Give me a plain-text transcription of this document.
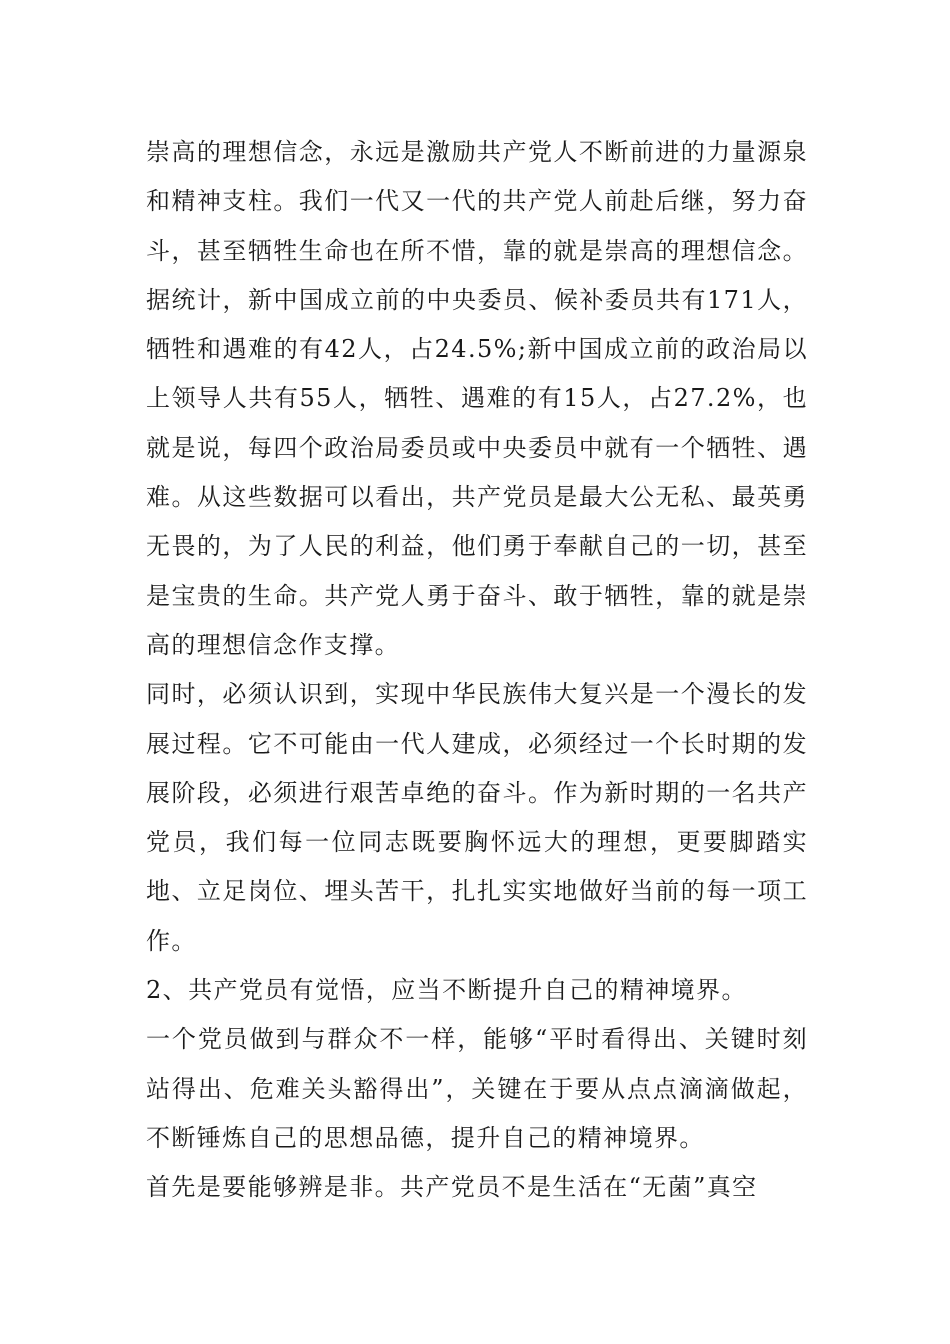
崇高的理想信念，永远是激励共产党人不断前进的力量源泉和精神支柱。我们一代又一代的共产党人前赴后继，努力奋斗，甚至牺牲生命也在所不惜，靠的就是崇高的理想信念。据统计，新中国成立前的中央委员、候补委员共有171人，牺牲和遇难的有42人，占24.5%;新中国成立前的政治局以上领导人共有55人，牺牲、遇难的有15人，占27.2%，也就是说，每四个政治局委员或中央委员中就有一个牺牲、遇难。从这些数据可以看出，共产党员是最大公无私、最英勇无畏的，为了人民的利益，他们勇于奉献自己的一切，甚至是宝贵的生命。共产党人勇于奋斗、敢于牺牲，靠的就是崇高的理想信念作支撑。

同时，必须认识到，实现中华民族伟大复兴是一个漫长的发展过程。它不可能由一代人建成，必须经过一个长时期的发展阶段，必须进行艰苦卓绝的奋斗。作为新时期的一名共产党员，我们每一位同志既要胸怀远大的理想，更要脚踏实地、立足岗位、埋头苦干，扎扎实实地做好当前的每一项工作。

2、共产党员有觉悟，应当不断提升自己的精神境界。

一个党员做到与群众不一样，能够“平时看得出、关键时刻站得出、危难关头豁得出”，关键在于要从点点滴滴做起，不断锤炼自己的思想品德，提升自己的精神境界。

首先是要能够辨是非。共产党员不是生活在“无菌”真空
